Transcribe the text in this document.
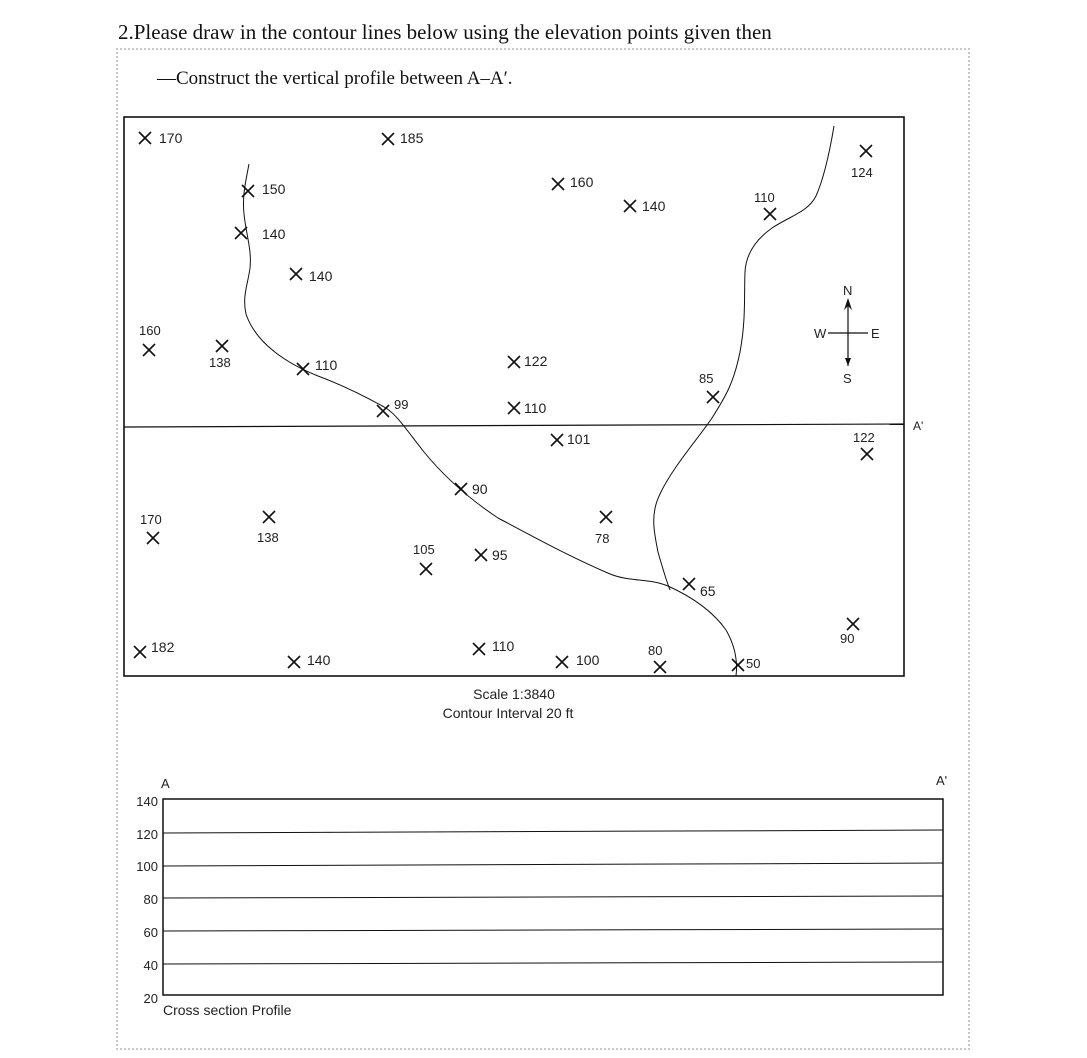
2.Please draw in the contour lines below using the elevation points given then

—Construct the vertical profile between A–A′.

A'
170	185
124
150	160
140
110
140
140
160
138	110	122
85
99	110
101	122
90
170
138	78
105	95
65
90
182
140
110
100
80
50
N
S
E
W
Scale 1:3840
Contour Interval 20 ft
A	A'
140
120
100
80
60
40
20
Cross section Profile
